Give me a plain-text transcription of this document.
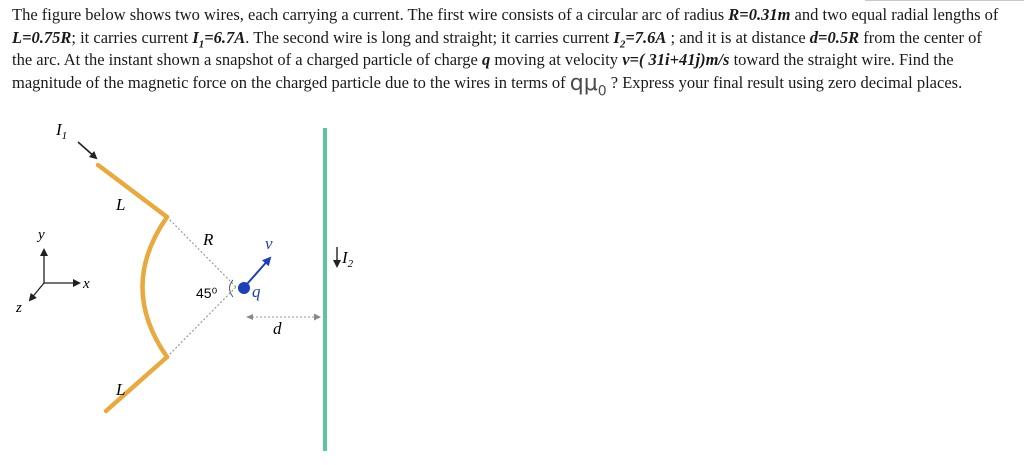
The figure below shows two wires, each carrying a current. The first wire consists of a circular arc of radius R=0.31m and two equal radial lengths of L=0.75R; it carries current $I_1=6.7A$. The second wire is long and straight; it carries current $I_2=7.6A$ ; and it is at distance d=0.5R from the center of the arc. At the instant shown a snapshot of a charged particle of charge q moving at velocity v=( 31i+41j)m/s toward the straight wire. Find the magnitude of the magnetic force on the charged particle due to the wires in terms of $q\mu_0$ ? Express your final result using zero decimal places.
$I_1$
L
L
R
45⁰ q
v
d
$I_2$
y
x
z
